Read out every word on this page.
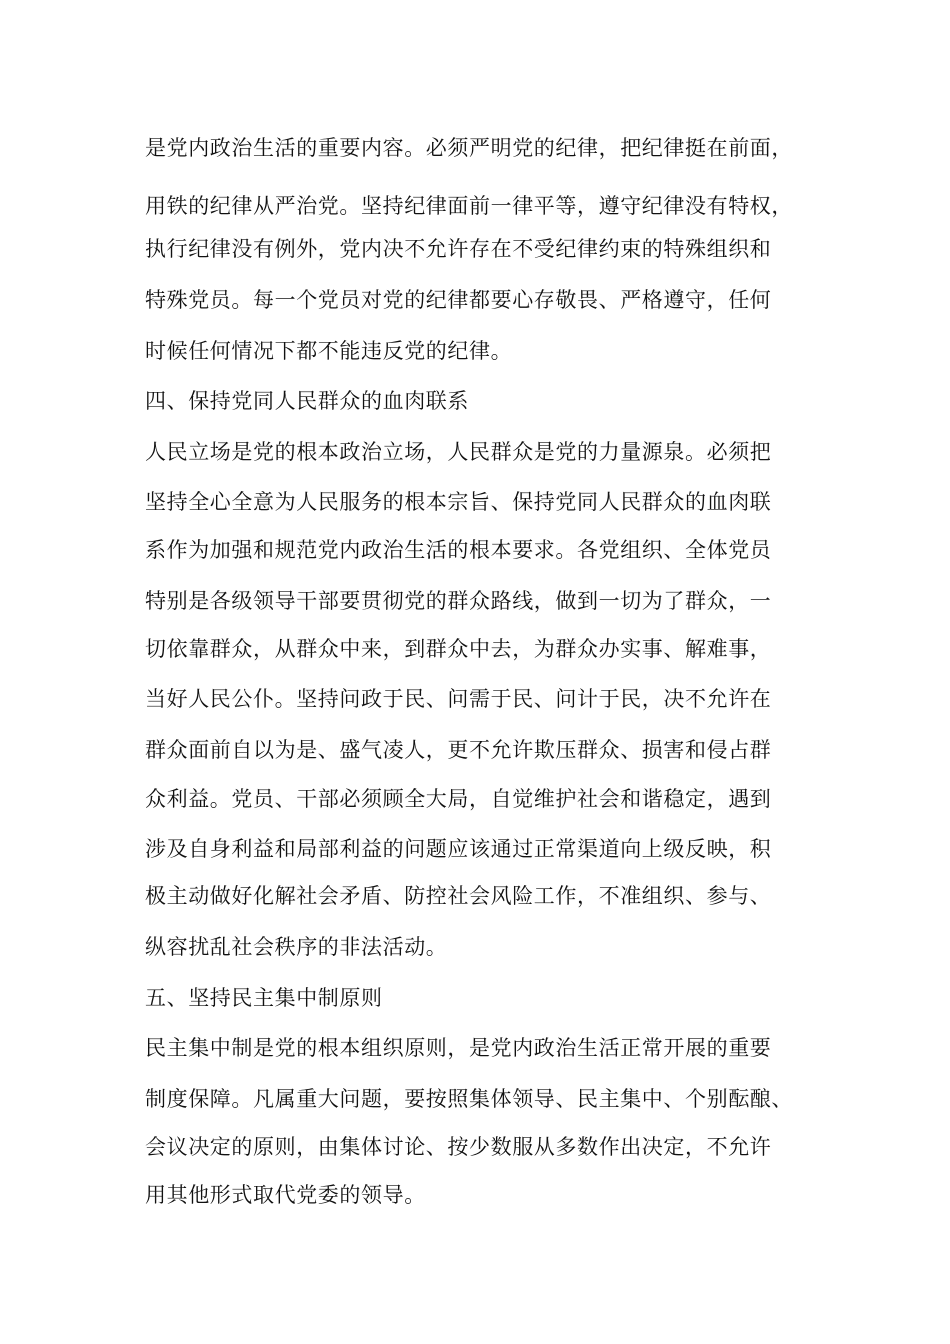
是党内政治生活的重要内容。必须严明党的纪律，把纪律挺在前面，
用铁的纪律从严治党。坚持纪律面前一律平等，遵守纪律没有特权，
执行纪律没有例外，党内决不允许存在不受纪律约束的特殊组织和
特殊党员。每一个党员对党的纪律都要心存敬畏、严格遵守，任何
时候任何情况下都不能违反党的纪律。
四、保持党同人民群众的血肉联系
人民立场是党的根本政治立场，人民群众是党的力量源泉。必须把
坚持全心全意为人民服务的根本宗旨、保持党同人民群众的血肉联
系作为加强和规范党内政治生活的根本要求。各党组织、全体党员
特别是各级领导干部要贯彻党的群众路线，做到一切为了群众，一
切依靠群众，从群众中来，到群众中去，为群众办实事、解难事，
当好人民公仆。坚持问政于民、问需于民、问计于民，决不允许在
群众面前自以为是、盛气凌人，更不允许欺压群众、损害和侵占群
众利益。党员、干部必须顾全大局，自觉维护社会和谐稳定，遇到
涉及自身利益和局部利益的问题应该通过正常渠道向上级反映，积
极主动做好化解社会矛盾、防控社会风险工作，不准组织、参与、
纵容扰乱社会秩序的非法活动。
五、坚持民主集中制原则
民主集中制是党的根本组织原则，是党内政治生活正常开展的重要
制度保障。凡属重大问题，要按照集体领导、民主集中、个别酝酿、
会议决定的原则，由集体讨论、按少数服从多数作出决定，不允许
用其他形式取代党委的领导。
